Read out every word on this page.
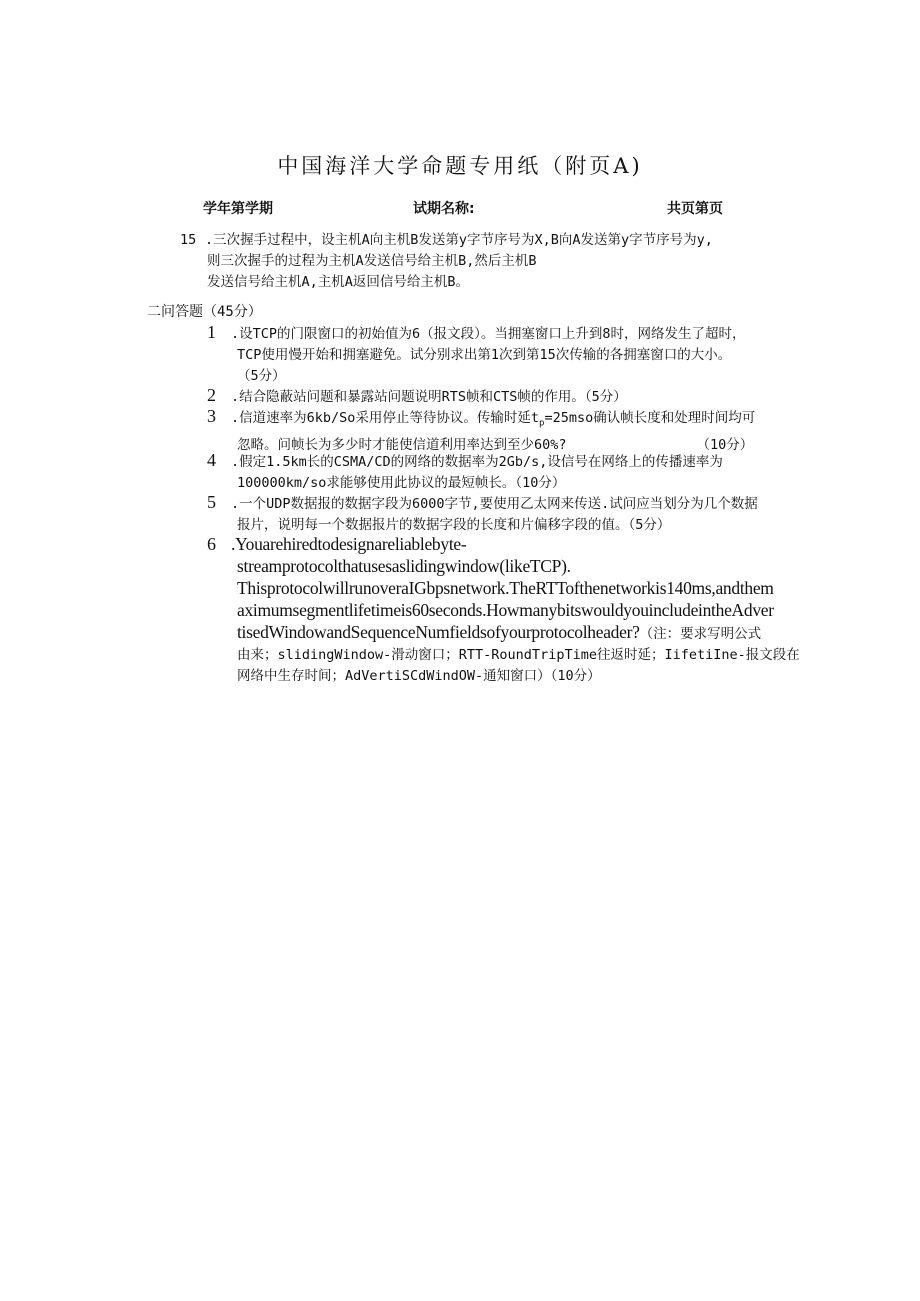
中国海洋大学命题专用纸（附页A)
学年第学期	试期名称:	共页第页
15 .三次握手过程中，设主机A向主机B发送第y字节序号为X,B向A发送第y字节序号为y,
则三次握手的过程为主机A发送信号给主机B,然后主机B
发送信号给主机A,主机A返回信号给主机B。
二问答题（45分）
1 .设TCP的门限窗口的初始值为6（报文段）。当拥塞窗口上升到8时，网络发生了超时，
TCP使用慢开始和拥塞避免。试分别求出第1次到第15次传输的各拥塞窗口的大小。
（5分）
2 .结合隐蔽站问题和暴露站问题说明RTS帧和CTS帧的作用。（5分）
3 .信道速率为6kb/So采用停止等待协议。传输时延$t_p=25mso$确认帧长度和处理时间均可
忽略。问帧长为多少时才能使信道利用率达到至少60%?                （10分）
4 .假定1.5km长的CSMA/CD的网络的数据率为2Gb/s,设信号在网络上的传播速率为
100000km/so求能够使用此协议的最短帧长。（10分）
5 .一个UDP数据报的数据字段为6000字节,要使用乙太网来传送.试问应当划分为几个数据
报片，说明每一个数据报片的数据字段的长度和片偏移字段的值。（5分）
6 .Youarehiredtodesignareliablebyte-
streamprotocolthatusesaslidingwindow(likeTCP).
ThisprotocolwillrunoveraIGbpsnetwork.TheRTTofthenetworkis140ms,andthem
aximumsegmentlifetimeis60seconds.HowmanybitswouldyouincludeintheAdver
tisedWindowandSequenceNumfieldsofyourprotocolheader?（注：要求写明公式
由来；slidingWindow-滑动窗口；RTT-RoundTripTime往返时延；IifetiIne-报文段在
网络中生存时间；AdVertiSCdWindOW-通知窗口）（10分）
